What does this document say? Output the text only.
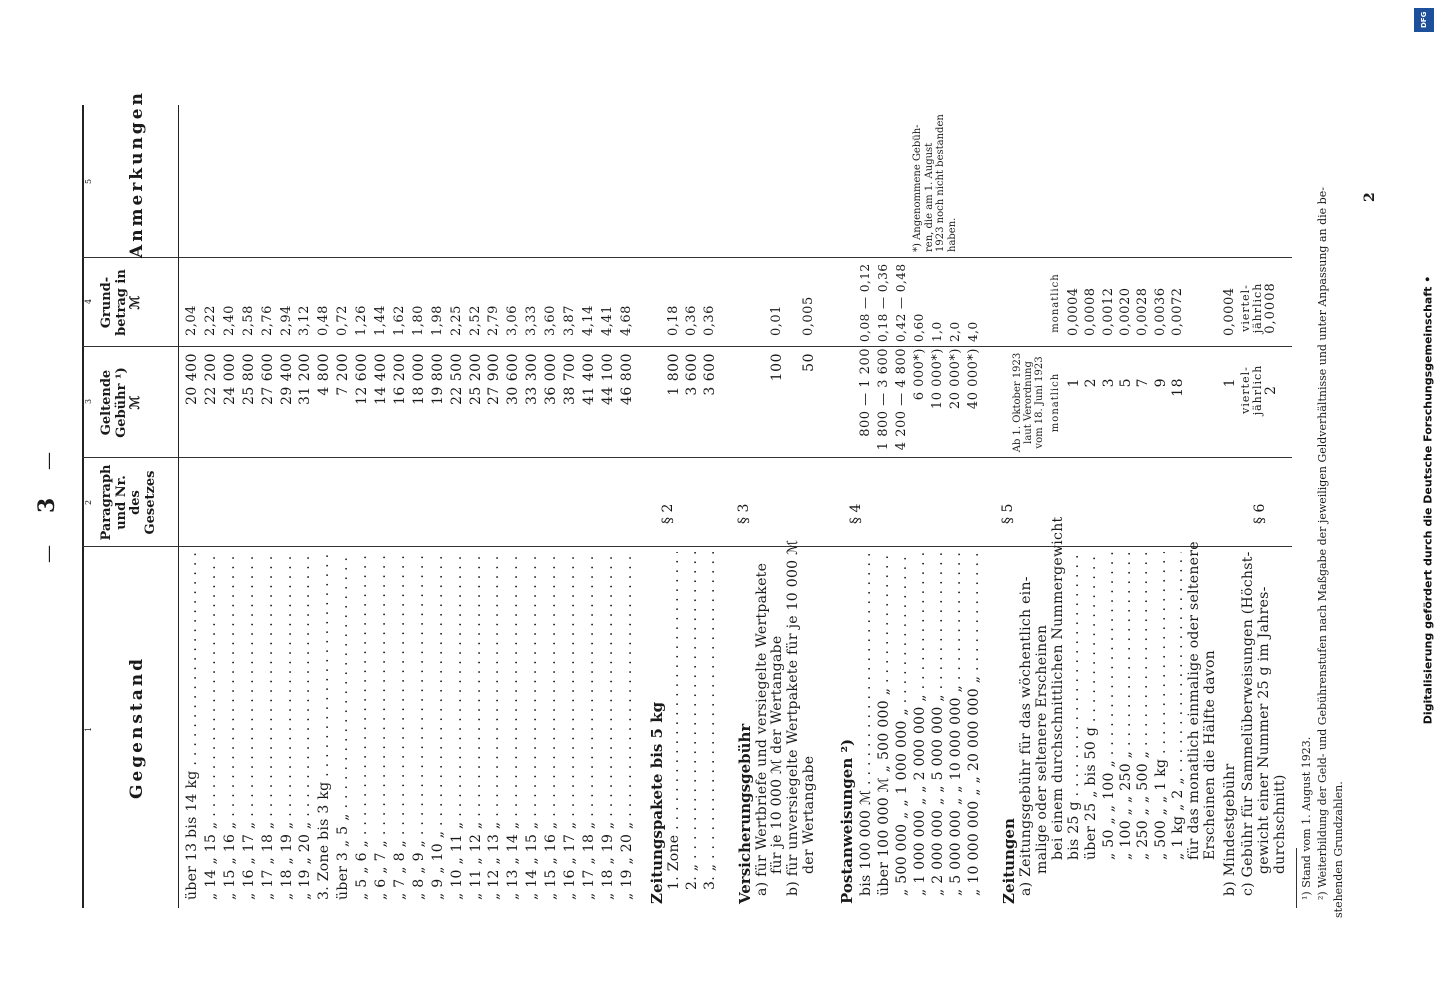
Digitalisierung gefördert durch die Deutsche Forschungsgemeinschaft •
DFG
—
3
—
1
2
3
4
5
Gegenstand
Paragraph und Nr. des Gesetzes
Geltende Gebühr ¹) ℳ
Grund- betrag in ℳ
Anmerkungen
über 13 bis 14 kg . . .
20 400
2,04
„ 14 „ 15 „ . . .
22 200
2,22
„ 15 „ 16 „ . . .
24 000
2,40
„ 16 „ 17 „ . . .
25 800
2,58
„ 17 „ 18 „ . . .
27 600
2,76
„ 18 „ 19 „ . . .
29 400
2,94
„ 19 „ 20 „ . . .
31 200
3,12
3. Zone bis 3 kg . . .
4 800
0,48
über 3 „ 5 „ . . .
7 200
0,72
„ 5 „ 6 „ . . .
12 600
1,26
„ 6 „ 7 „ . . .
14 400
1,44
„ 7 „ 8 „ . . .
16 200
1,62
„ 8 „ 9 „ . . .
18 000
1,80
„ 9 „ 10 „ . . .
19 800
1,98
„ 10 „ 11 „ . . .
22 500
2,25
„ 11 „ 12 „ . . .
25 200
2,52
„ 12 „ 13 „ . . .
27 900
2,79
„ 13 „ 14 „ . . .
30 600
3,06
„ 14 „ 15 „ . . .
33 300
3,33
„ 15 „ 16 „ . . .
36 000
3,60
„ 16 „ 17 „ . . .
38 700
3,87
„ 17 „ 18 „ . . .
41 400
4,14
„ 18 „ 19 „ . . .
44 100
4,41
„ 19 „ 20 „ . . .
46 800
4,68
Zeitungspakete bis 5 kg
§ 2
1. Zone . . .
1 800
0,18
2. „ . . .
3 600
0,36
3. „ . . .
3 600
0,36
Versicherungsgebühr
§ 3
a) für Wertbriefe und versiegelte Wertpakete für je 10 000 ℳ der Wertangabe b) für unversiegelte Wertpakete für je 10 000 ℳ der Wertangabe
100
0,01
50
0,005
Postanweisungen ²)
§ 4
bis 100 000 ℳ . . .
800 — 1 200
0,08 — 0,12
über 100 000 ℳ „ 500 000 „ . . .
1 800 — 3 600
0,18 — 0,36
„ 500 000 „ „ 1 000 000 „ . . .
4 200 — 4 800
0,42 — 0,48
„ 1 000 000 „ „ 2 000 000 „ . . .
6 000*)
0,60
„ 2 000 000 „ „ 5 000 000 „ . . .
10 000*)
1,0
„ 5 000 000 „ „ 10 000 000 „ . . .
20 000*)
2,0
„ 10 000 000 „ „ 20 000 000 „ . . .
40 000*)
4,0
*) Angenommene Gebüh- ren, die am 1. August 1923 noch nicht bestanden haben.
Zeitungen
§ 5
a) Zeitungsgebühr für das wöchentlich ein- malige oder seltenere Erscheinen bei einem durchschnittlichen Nummergewicht
Ab 1. Oktober 1923 laut Verordnung vom 18. Juni 1923 monatlich
monatlich
bis 25 g . . .
1
0,0004
über 25 „ bis 50 g . . .
2
0,0008
„ 50 „ „ 100 „ . . .
3
0,0012
„ 100 „ „ 250 „ . . .
5
0,0020
„ 250 „ „ 500 „ . . .
7
0,0028
„ 500 „ „ 1 kg . . .
9
0,0036
„ 1 kg „ 2 „ . . .
18
0,0072
für das monatlich einmalige oder seltenere Erscheinen die Hälfte davon b) Mindestgebühr
1
0,0004
§ 6
c) Gebühr für Sammelüberweisungen (Höchst- gewicht einer Nummer 25 g im Jahres- durchschnitt)
viertel- jährlich 2
viertel- jährlich 0,0008
¹) Stand vom 1. August 1923. ²) Weiterbildung der Geld- und Gebührenstufen nach Maßgabe der jeweiligen Geldverhältnisse und unter Anpassung an die be- stehenden Grundzahlen.
2
